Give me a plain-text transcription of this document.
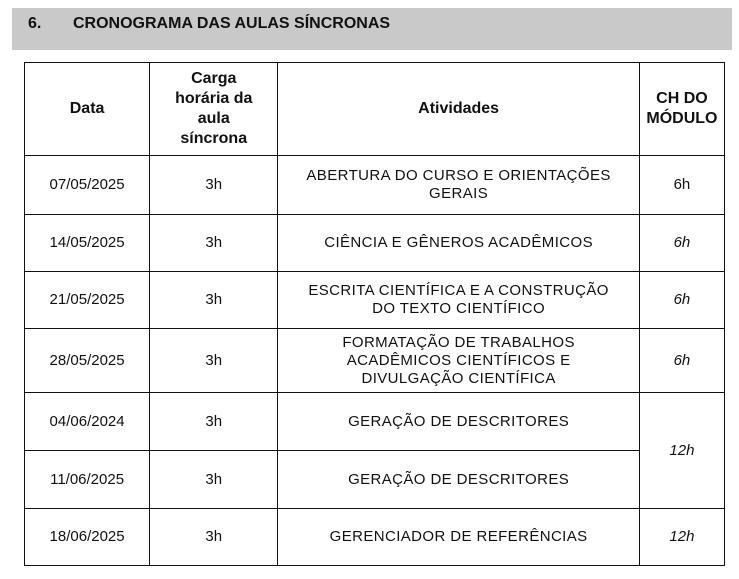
6. CRONOGRAMA DAS AULAS SÍNCRONAS
Data	Carga
horária da
aula
síncrona	Atividades	CH DO
MÓDULO
07/05/2025	3h	ABERTURA DO CURSO E ORIENTAÇÕES
GERAIS	6h
14/05/2025	3h	CIÊNCIA E GÊNEROS ACADÊMICOS	6h
21/05/2025	3h	ESCRITA CIENTÍFICA E A CONSTRUÇÃO
DO TEXTO CIENTÍFICO	6h
28/05/2025	3h	FORMATAÇÃO DE TRABALHOS
ACADÊMICOS CIENTÍFICOS E
DIVULGAÇÃO CIENTÍFICA	6h
04/06/2024	3h	GERAÇÃO DE DESCRITORES	12h
11/06/2025	3h	GERAÇÃO DE DESCRITORES	
18/06/2025	3h	GERENCIADOR DE REFERÊNCIAS	12h
